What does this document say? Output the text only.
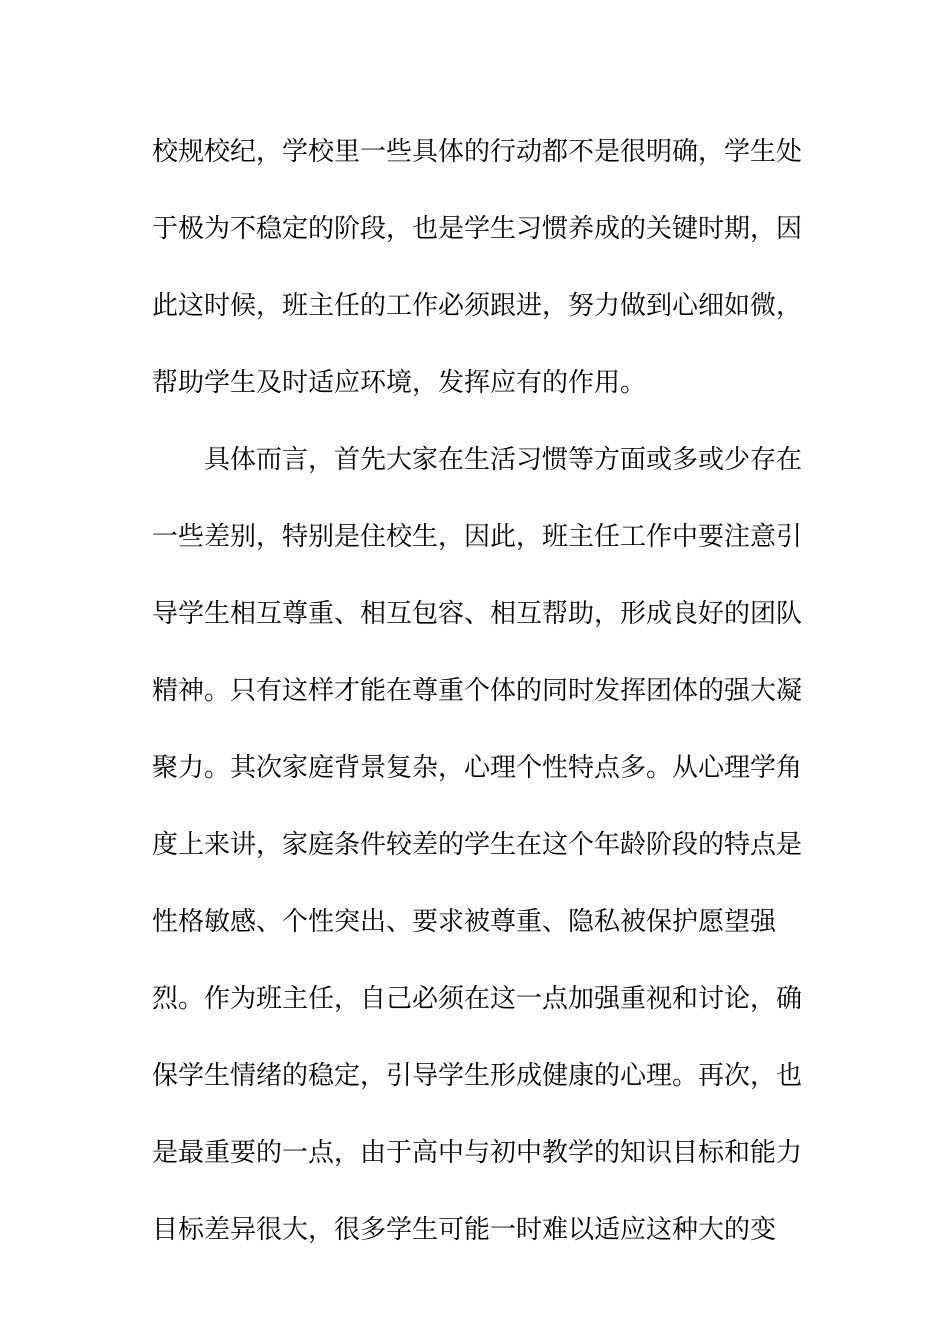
校规校纪，学校里一些具体的行动都不是很明确，学生处
于极为不稳定的阶段，也是学生习惯养成的关键时期，因
此这时候，班主任的工作必须跟进，努力做到心细如微，
帮助学生及时适应环境，发挥应有的作用。
具体而言，首先大家在生活习惯等方面或多或少存在
一些差别，特别是住校生，因此，班主任工作中要注意引
导学生相互尊重、相互包容、相互帮助，形成良好的团队
精神。只有这样才能在尊重个体的同时发挥团体的强大凝
聚力。其次家庭背景复杂，心理个性特点多。从心理学角
度上来讲，家庭条件较差的学生在这个年龄阶段的特点是
性格敏感、个性突出、要求被尊重、隐私被保护愿望强
烈。作为班主任，自己必须在这一点加强重视和讨论，确
保学生情绪的稳定，引导学生形成健康的心理。再次，也
是最重要的一点，由于高中与初中教学的知识目标和能力
目标差异很大，很多学生可能一时难以适应这种大的变
